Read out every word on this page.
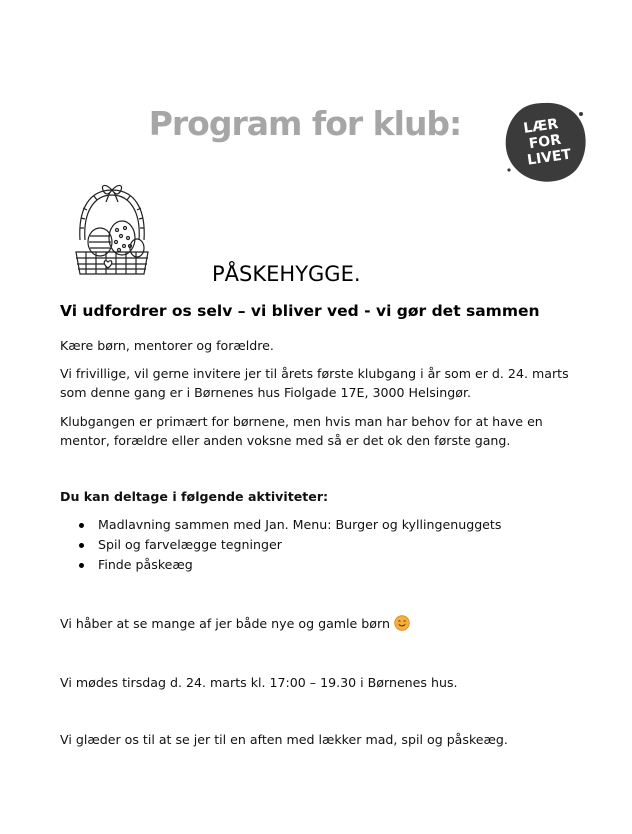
Program for klub:	LÆR
FOR
LIVET
PÅSKEHYGGE.
Vi udfordrer os selv – vi bliver ved - vi gør det sammen
Kære børn, mentorer og forældre.
Vi frivillige, vil gerne invitere jer til årets første klubgang i år som er d. 24. marts som denne gang er i Børnenes hus Fiolgade 17E, 3000 Helsingør.
Klubgangen er primært for børnene, men hvis man har behov for at have en mentor, forældre eller anden voksne med så er det ok den første gang.
Du kan deltage i følgende aktiviteter:
Madlavning sammen med Jan. Menu: Burger og kyllingenuggets
Spil og farvelægge tegninger
Finde påskeæg
Vi håber at se mange af jer både nye og gamle børn
Vi mødes tirsdag d. 24. marts kl. 17:00 – 19.30 i Børnenes hus.
Vi glæder os til at se jer til en aften med lækker mad, spil og påskeæg.
